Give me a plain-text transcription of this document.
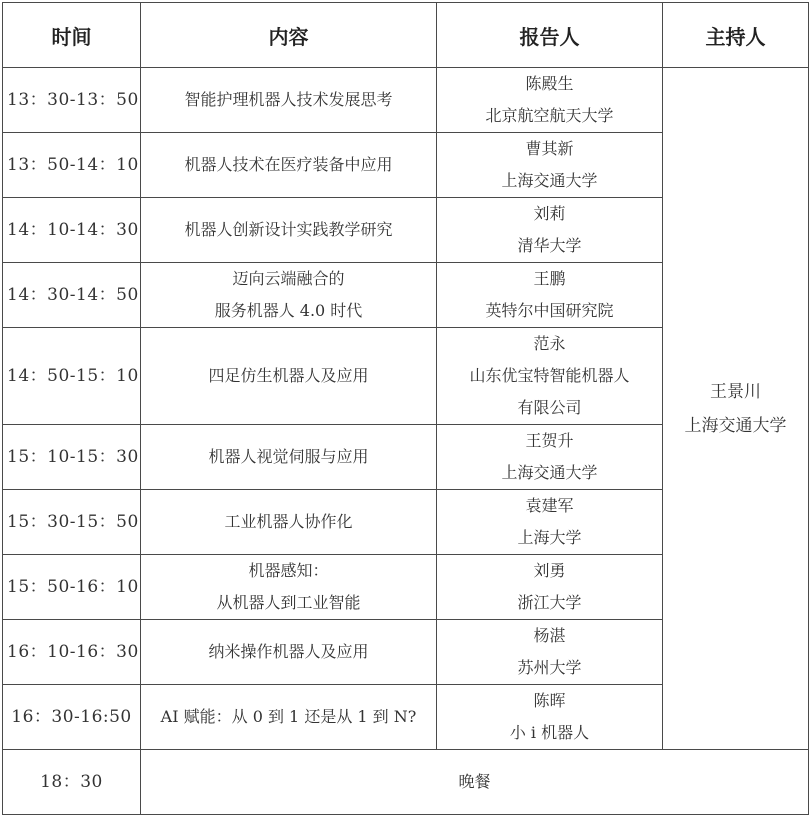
时间	内容	报告人	主持人
13：30-13：50	智能护理机器人技术发展思考	陈殿生
北京航空航天大学	王景川
上海交通大学

13：50-14：10	机器人技术在医疗装备中应用	曹其新
上海交通大学	

14：10-14：30	机器人创新设计实践教学研究	刘莉
清华大学	

14：30-14：50	迈向云端融合的
服务机器人 4.0 时代	王鹏
英特尔中国研究院	

14：50-15：10	四足仿生机器人及应用	范永
山东优宝特智能机器人
有限公司	

15：10-15：30	机器人视觉伺服与应用	王贺升
上海交通大学	

15：30-15：50	工业机器人协作化	袁建军
上海大学	

15：50-16：10	机器感知：
从机器人到工业智能	刘勇
浙江大学	

16：10-16：30	纳米操作机器人及应用	杨湛
苏州大学	

16：30-16:50	AI 赋能：从 0 到 1 还是从 1 到 N?	陈晖
小 i 机器人	

18：30	晚餐		
